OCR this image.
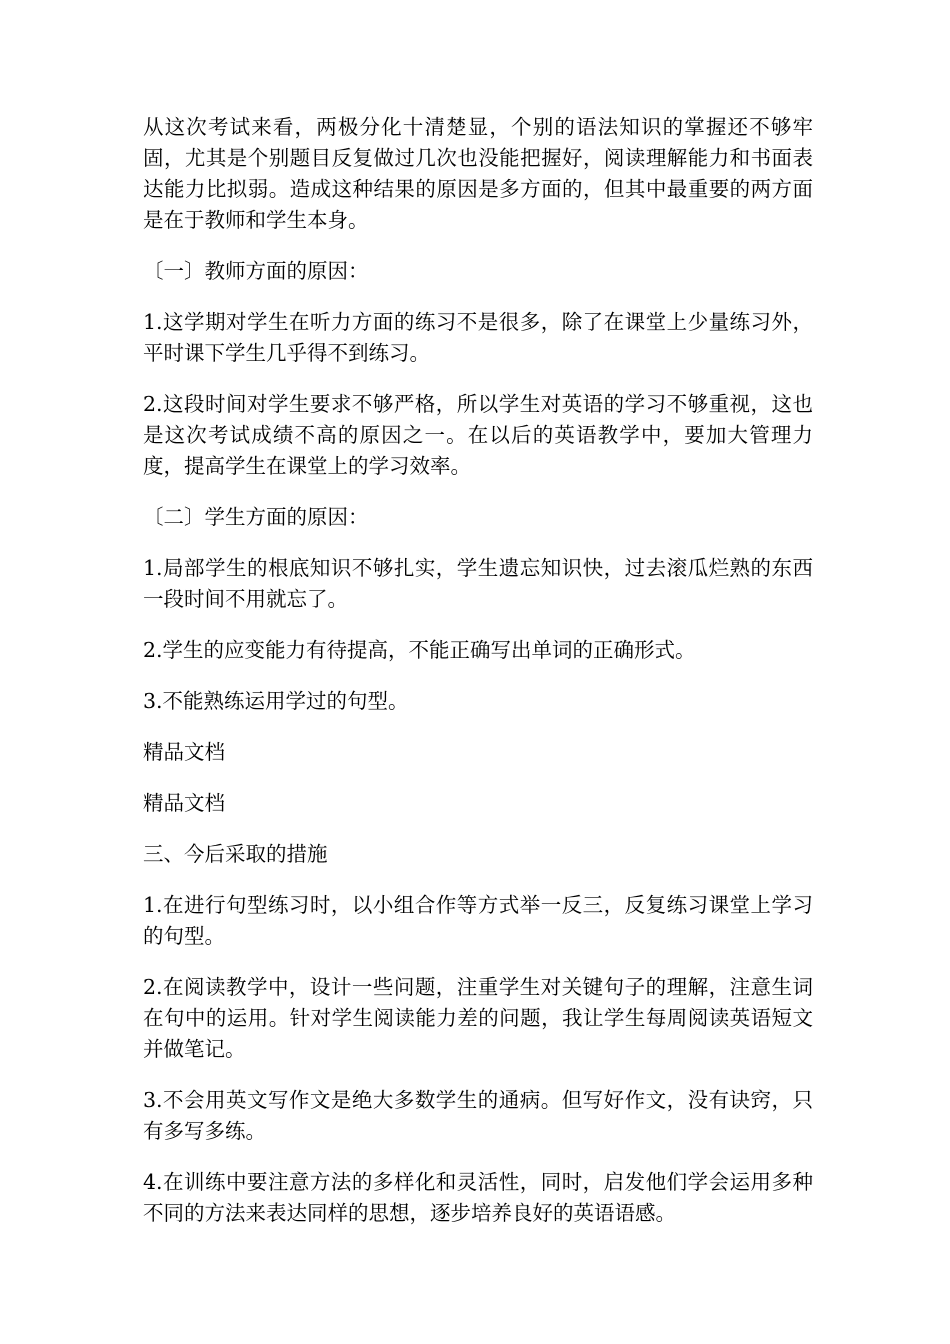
从这次考试来看，两极分化十清楚显，个别的语法知识的掌握还不够牢固，尤其是个别题目反复做过几次也没能把握好，阅读理解能力和书面表达能力比拟弱。造成这种结果的原因是多方面的，但其中最重要的两方面是在于教师和学生本身。

〔一〕教师方面的原因：

1.这学期对学生在听力方面的练习不是很多，除了在课堂上少量练习外，平时课下学生几乎得不到练习。

2.这段时间对学生要求不够严格，所以学生对英语的学习不够重视，这也是这次考试成绩不高的原因之一。在以后的英语教学中，要加大管理力度，提高学生在课堂上的学习效率。

〔二〕学生方面的原因：

1.局部学生的根底知识不够扎实，学生遗忘知识快，过去滚瓜烂熟的东西一段时间不用就忘了。

2.学生的应变能力有待提高，不能正确写出单词的正确形式。

3.不能熟练运用学过的句型。

精品文档

精品文档

三、今后采取的措施

1.在进行句型练习时，以小组合作等方式举一反三，反复练习课堂上学习的句型。

2.在阅读教学中，设计一些问题，注重学生对关键句子的理解，注意生词在句中的运用。针对学生阅读能力差的问题，我让学生每周阅读英语短文并做笔记。

3.不会用英文写作文是绝大多数学生的通病。但写好作文，没有诀窍，只有多写多练。

4.在训练中要注意方法的多样化和灵活性，同时，启发他们学会运用多种不同的方法来表达同样的思想，逐步培养良好的英语语感。
